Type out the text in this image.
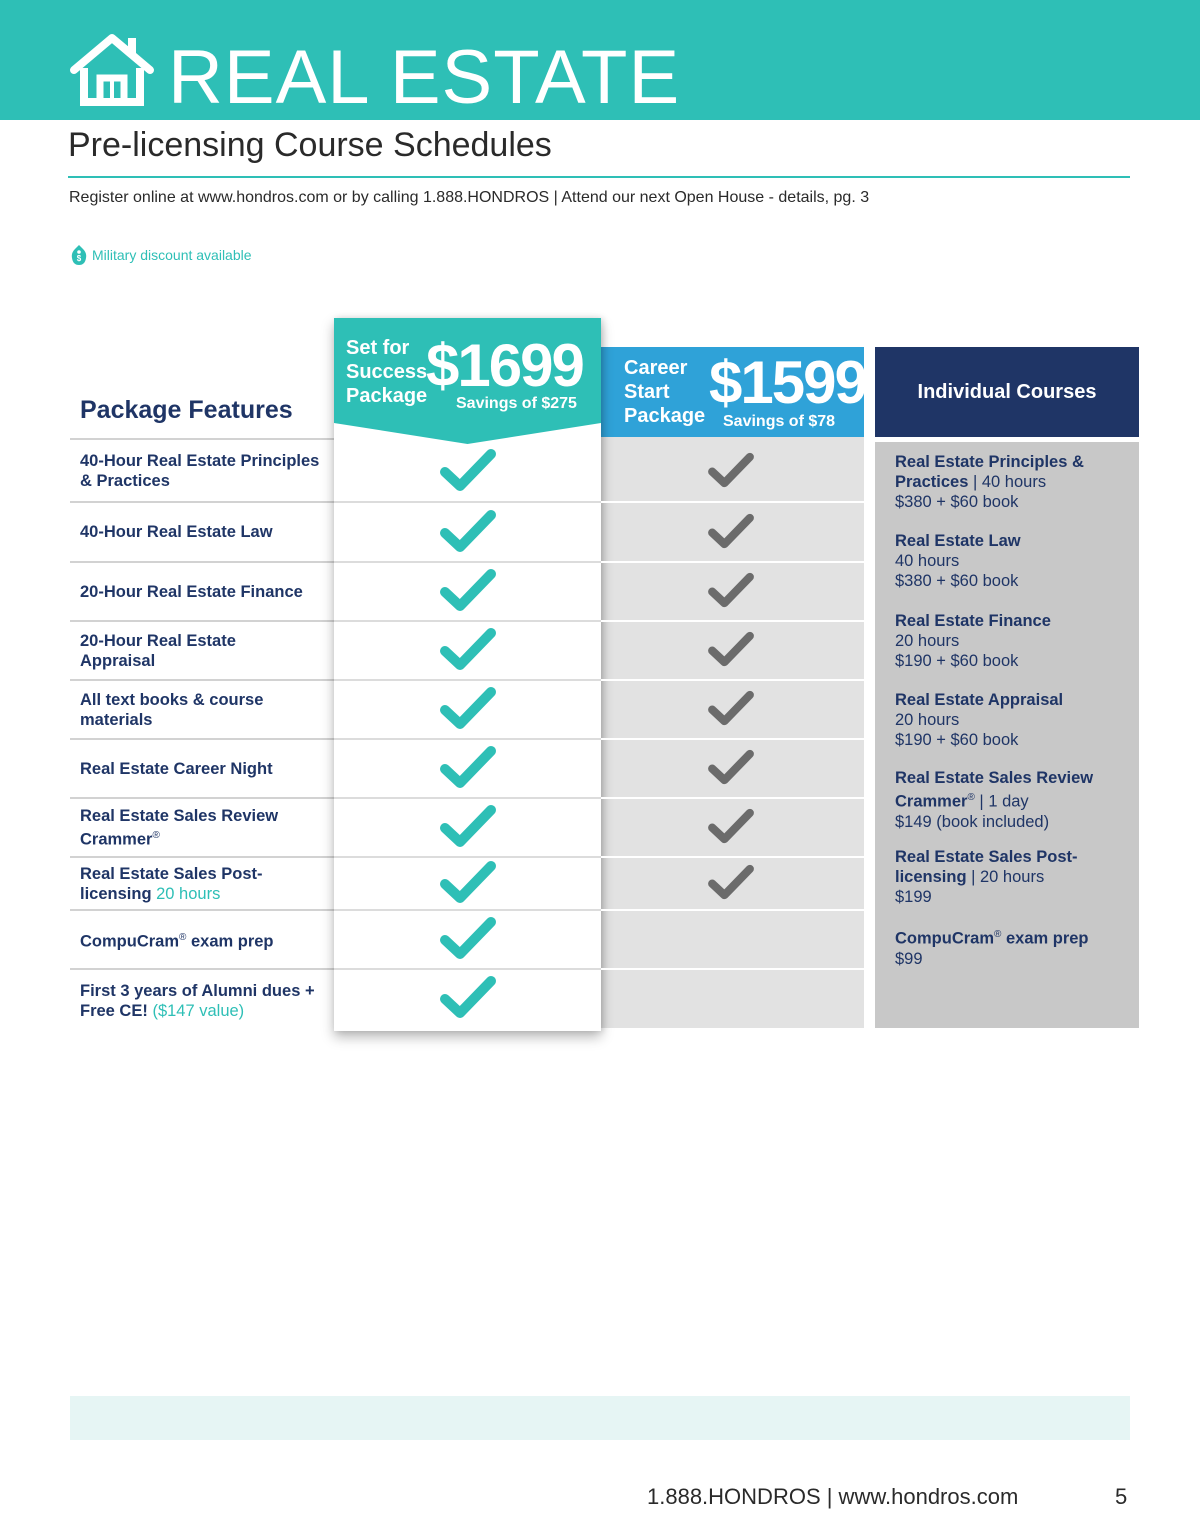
REAL ESTATE
Pre-licensing Course Schedules
Register online at www.hondros.com or by calling 1.888.HONDROS | Attend our next Open House - details, pg. 3
$ Military discount available
Package Features
40-Hour Real Estate Principles & Practices
40-Hour Real Estate Law
20-Hour Real Estate Finance
20-Hour Real Estate Appraisal
All text books & course materials
Real Estate Career Night
Real Estate Sales Review Crammer®
Real Estate Sales Post-licensing 20 hours
CompuCram® exam prep
First 3 years of Alumni dues + Free CE! ($147 value)
Career
Start
Package $1599
Savings of $78
Individual Courses
Set for
Success
Package
$1699
Savings of $275
Real Estate Principles & Practices | 40 hours
$380 + $60 book
Real Estate Law
40 hours
$380 + $60 book
Real Estate Finance
20 hours
$190 + $60 book
Real Estate Appraisal
20 hours
$190 + $60 book
Real Estate Sales Review Crammer® | 1 day
$149 (book included)
Real Estate Sales Post-licensing | 20 hours
$199
CompuCram® exam prep
$99
1.888.HONDROS | www.hondros.com	5
